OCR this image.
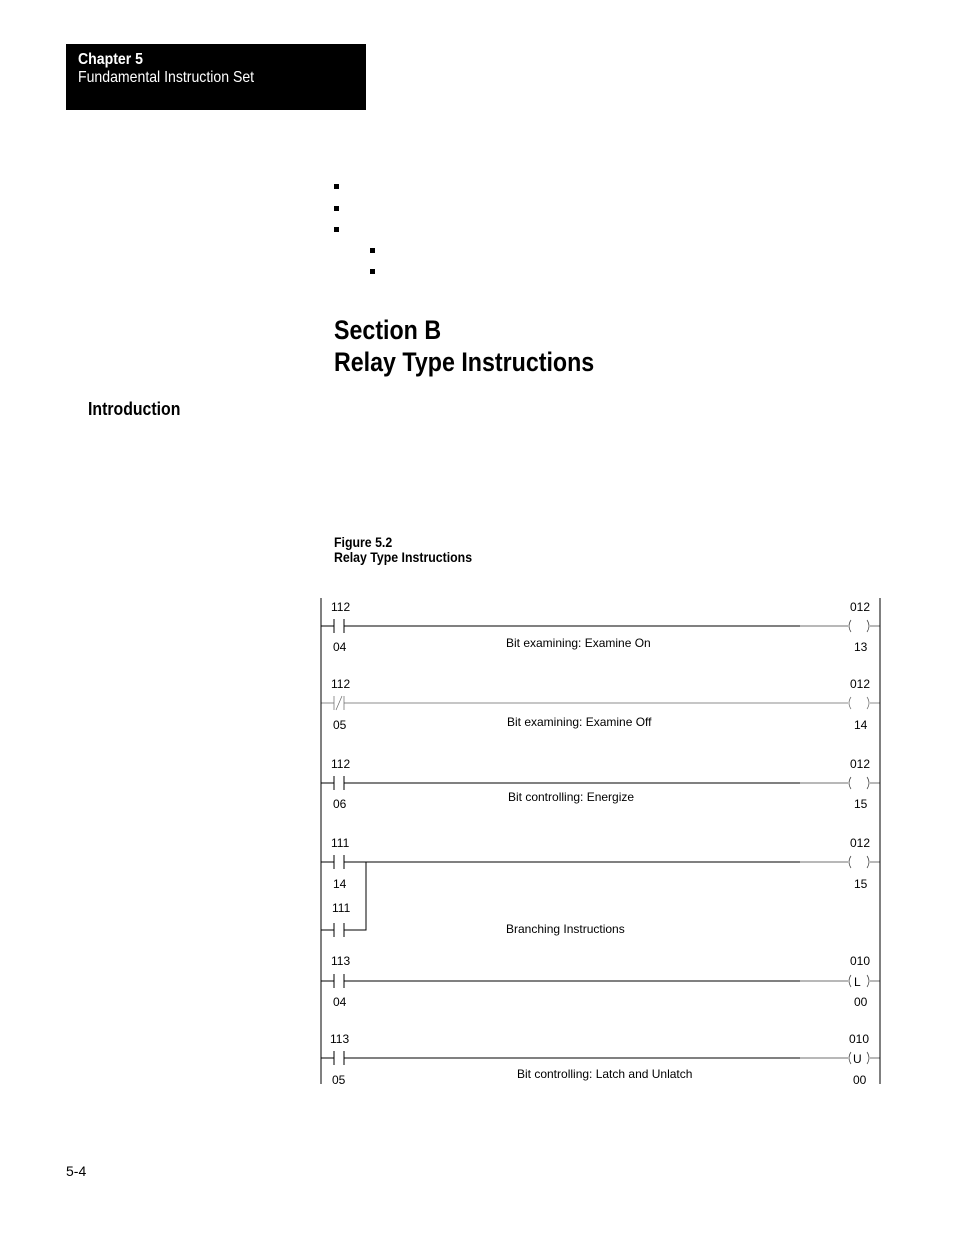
Chapter 5
Fundamental Instruction Set
Section B
Relay Type Instructions
Introduction
Figure 5.2
Relay Type Instructions
112
04
012
13
Bit examining: Examine On
112
05
012
14
Bit examining: Examine Off
112
06
012
15
Bit controlling: Energize
111
14
012
15
111
Branching Instructions
113
04
L
010
00
113
05
U
010
00
Bit controlling: Latch and Unlatch
5-4
